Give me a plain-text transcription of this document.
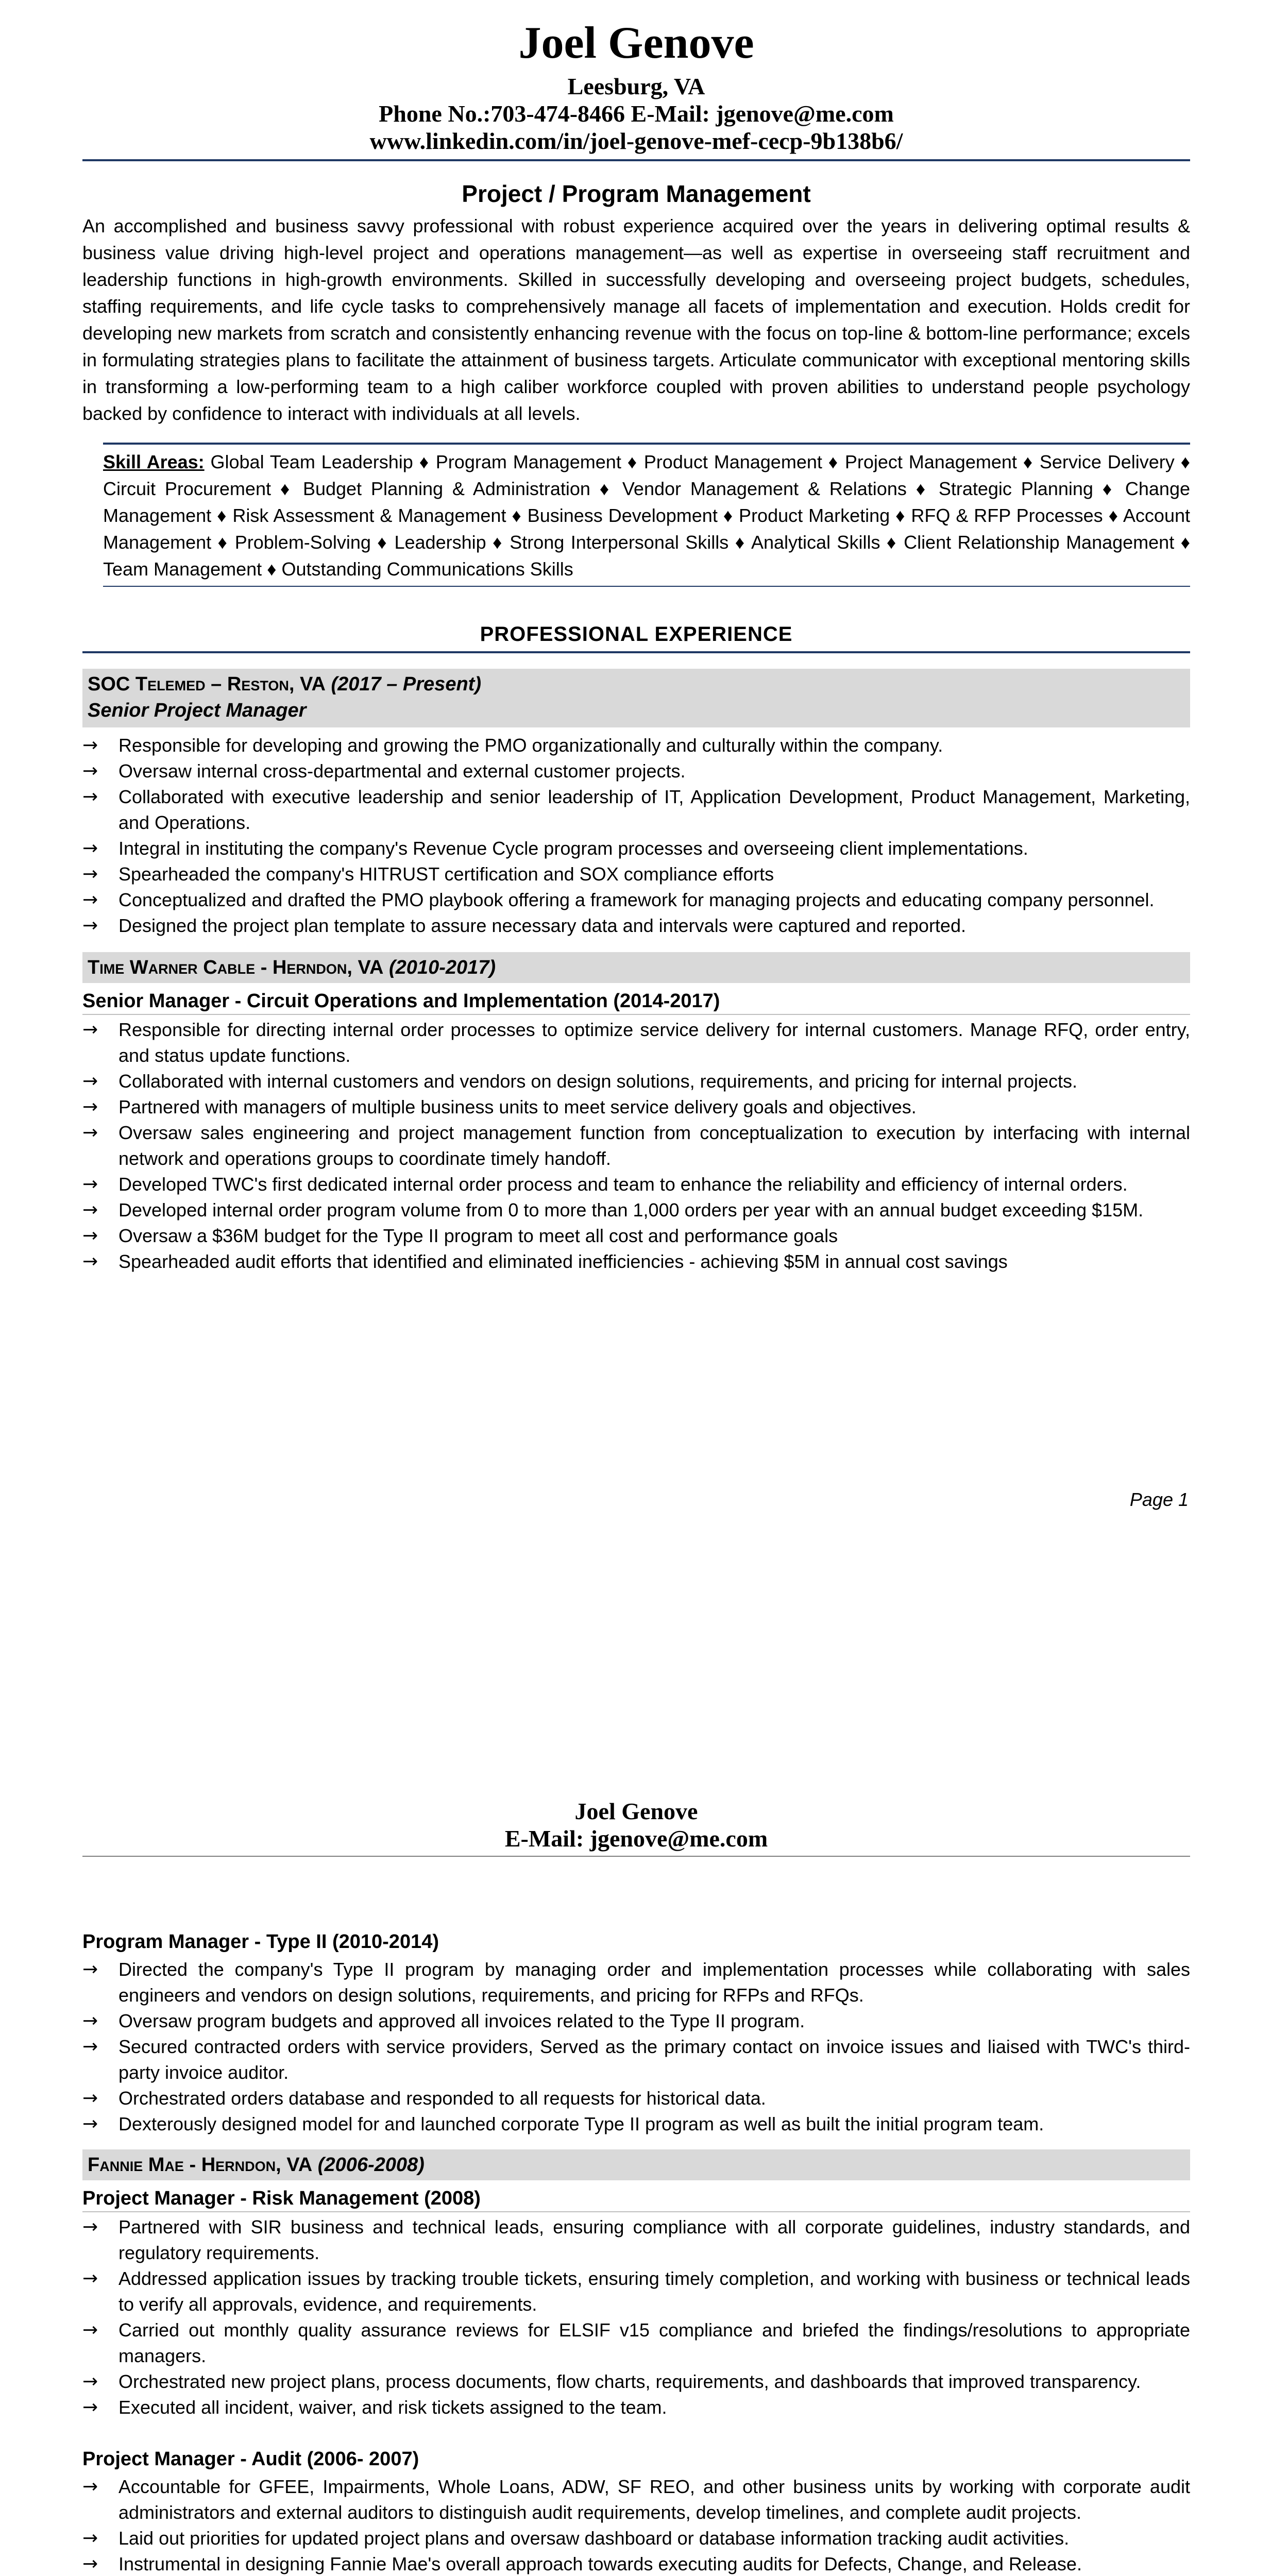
Joel Genove
Leesburg, VA
Phone No.:703-474-8466 E-Mail: jgenove@me.com
www.linkedin.com/in/joel-genove-mef-cecp-9b138b6/
Project / Program Management
An accomplished and business savvy professional with robust experience acquired over the years in delivering optimal results & business value driving high-level project and operations management—as well as expertise in overseeing staff recruitment and leadership functions in high-growth environments. Skilled in successfully developing and overseeing project budgets, schedules, staffing requirements, and life cycle tasks to comprehensively manage all facets of implementation and execution. Holds credit for developing new markets from scratch and consistently enhancing revenue with the focus on top-line & bottom-line performance; excels in formulating strategies plans to facilitate the attainment of business targets. Articulate communicator with exceptional mentoring skills in transforming a low-performing team to a high caliber workforce coupled with proven abilities to understand people psychology backed by confidence to interact with individuals at all levels.
Skill Areas: Global Team Leadership ♦ Program Management ♦ Product Management ♦ Project Management ♦ Service Delivery ♦ Circuit Procurement ♦ Budget Planning & Administration ♦ Vendor Management & Relations ♦ Strategic Planning ♦ Change Management ♦ Risk Assessment & Management ♦ Business Development ♦ Product Marketing ♦ RFQ & RFP Processes ♦ Account Management ♦ Problem-Solving ♦ Leadership ♦ Strong Interpersonal Skills ♦ Analytical Skills ♦ Client Relationship Management ♦ Team Management ♦ Outstanding Communications Skills
PROFESSIONAL EXPERIENCE
SOC Telemed – Reston, VA (2017 – Present)
Senior Project Manager
→	Responsible for developing and growing the PMO organizationally and culturally within the company.
→	Oversaw internal cross-departmental and external customer projects.
→	Collaborated with executive leadership and senior leadership of IT, Application Development, Product Management, Marketing, and Operations.
→	Integral in instituting the company's Revenue Cycle program processes and overseeing client implementations.
→	Spearheaded the company's HITRUST certification and SOX compliance efforts
→	Conceptualized and drafted the PMO playbook offering a framework for managing projects and educating company personnel.
→	Designed the project plan template to assure necessary data and intervals were captured and reported.
Time Warner Cable - Herndon, VA (2010-2017)
Senior Manager - Circuit Operations and Implementation (2014-2017)
→	Responsible for directing internal order processes to optimize service delivery for internal customers. Manage RFQ, order entry, and status update functions.
→	Collaborated with internal customers and vendors on design solutions, requirements, and pricing for internal projects.
→	Partnered with managers of multiple business units to meet service delivery goals and objectives.
→	Oversaw sales engineering and project management function from conceptualization to execution by interfacing with internal network and operations groups to coordinate timely handoff.
→	Developed TWC's first dedicated internal order process and team to enhance the reliability and efficiency of internal orders.
→	Developed internal order program volume from 0 to more than 1,000 orders per year with an annual budget exceeding $15M.
→	Oversaw a $36M budget for the Type II program to meet all cost and performance goals
→	Spearheaded audit efforts that identified and eliminated inefficiencies - achieving $5M in annual cost savings
Page 1
Joel Genove
E-Mail: jgenove@me.com
Program Manager - Type II (2010-2014)
→	Directed the company's Type II program by managing order and implementation processes while collaborating with sales engineers and vendors on design solutions, requirements, and pricing for RFPs and RFQs.
→	Oversaw program budgets and approved all invoices related to the Type II program.
→	Secured contracted orders with service providers, Served as the primary contact on invoice issues and liaised with TWC's third-party invoice auditor.
→	Orchestrated orders database and responded to all requests for historical data.
→	Dexterously designed model for and launched corporate Type II program as well as built the initial program team.
Fannie Mae - Herndon, VA (2006-2008)
Project Manager - Risk Management (2008)
→	Partnered with SIR business and technical leads, ensuring compliance with all corporate guidelines, industry standards, and regulatory requirements.
→	Addressed application issues by tracking trouble tickets, ensuring timely completion, and working with business or technical leads to verify all approvals, evidence, and requirements.
→	Carried out monthly quality assurance reviews for ELSIF v15 compliance and briefed the findings/resolutions to appropriate managers.
→	Orchestrated new project plans, process documents, flow charts, requirements, and dashboards that improved transparency.
→	Executed all incident, waiver, and risk tickets assigned to the team.
Project Manager - Audit (2006- 2007)
→	Accountable for GFEE, Impairments, Whole Loans, ADW, SF REO, and other business units by working with corporate audit administrators and external auditors to distinguish audit requirements, develop timelines, and complete audit projects.
→	Laid out priorities for updated project plans and oversaw dashboard or database information tracking audit activities.
→	Instrumental in designing Fannie Mae's overall approach towards executing audits for Defects, Change, and Release.
